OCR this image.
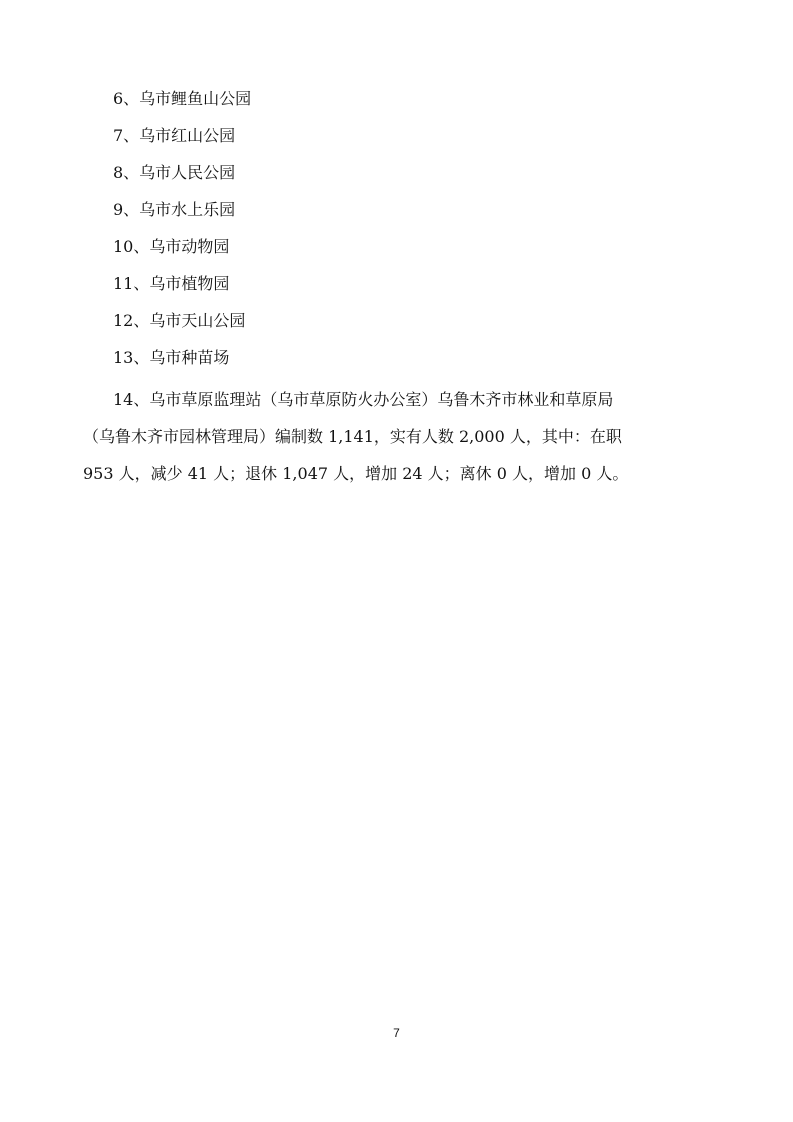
6、乌市鲤鱼山公园
7、乌市红山公园
8、乌市人民公园
9、乌市水上乐园
10、乌市动物园
11、乌市植物园
12、乌市天山公园
13、乌市种苗场
14、乌市草原监理站（乌市草原防火办公室）乌鲁木齐市林业和草原局
（乌鲁木齐市园林管理局）编制数 1,141，实有人数 2,000 人，其中：在职
953 人，减少 41 人；退休 1,047 人，增加 24 人；离休 0 人，增加 0 人。
7
